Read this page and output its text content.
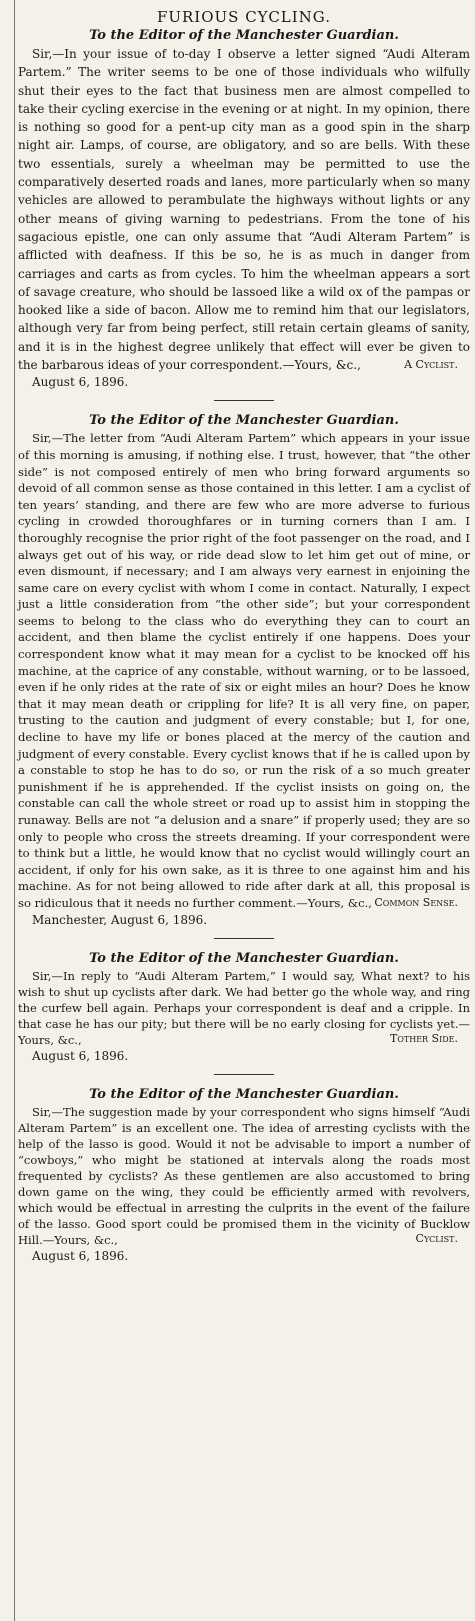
FURIOUS CYCLING.
To the Editor of the Manchester Guardian.

Sir,—In your issue of to-day I observe a letter signed “Audi Alteram Partem.” The writer seems to be one of those individuals who wilfully shut their eyes to the fact that business men are almost compelled to take their cycling exercise in the evening or at night. In my opinion, there is nothing so good for a pent-up city man as a good spin in the sharp night air. Lamps, of course, are obligatory, and so are bells. With these two essentials, surely a wheelman may be permitted to use the comparatively deserted roads and lanes, more particularly when so many vehicles are allowed to perambulate the highways without lights or any other means of giving warning to pedestrians. From the tone of his sagacious epistle, one can only assume that “Audi Alteram Partem” is afflicted with deafness. If this be so, he is as much in danger from carriages and carts as from cycles. To him the wheelman appears a sort of savage creature, who should be lassoed like a wild ox of the pampas or hooked like a side of bacon. Allow me to remind him that our legislators, although very far from being perfect, still retain certain gleams of sanity, and it is in the highest degree unlikely that effect will ever be given to the barbarous ideas of your correspondent.—Yours, &c.,	A Cyclist.
August 6, 1896.
To the Editor of the Manchester Guardian.

Sir,—The letter from “Audi Alteram Partem” which appears in your issue of this morning is amusing, if nothing else. I trust, however, that “the other side” is not composed entirely of men who bring forward arguments so devoid of all common sense as those contained in this letter. I am a cyclist of ten years’ standing, and there are few who are more adverse to furious cycling in crowded thoroughfares or in turning corners than I am. I thoroughly recognise the prior right of the foot passenger on the road, and I always get out of his way, or ride dead slow to let him get out of mine, or even dismount, if necessary; and I am always very earnest in enjoining the same care on every cyclist with whom I come in contact. Naturally, I expect just a little consideration from “the other side”; but your correspondent seems to belong to the class who do everything they can to court an accident, and then blame the cyclist entirely if one happens. Does your correspondent know what it may mean for a cyclist to be knocked off his machine, at the caprice of any constable, without warning, or to be lassoed, even if he only rides at the rate of six or eight miles an hour? Does he know that it may mean death or crippling for life? It is all very fine, on paper, trusting to the caution and judgment of every constable; but I, for one, decline to have my life or bones placed at the mercy of the caution and judgment of every constable. Every cyclist knows that if he is called upon by a constable to stop he has to do so, or run the risk of a so much greater punishment if he is apprehended. If the cyclist insists on going on, the constable can call the whole street or road up to assist him in stopping the runaway. Bells are not “a delusion and a snare” if properly used; they are so only to people who cross the streets dreaming. If your correspondent were to think but a little, he would know that no cyclist would willingly court an accident, if only for his own sake, as it is three to one against him and his machine. As for not being allowed to ride after dark at all, this proposal is so ridiculous that it needs no further comment.—Yours, &c., Common Sense.
Manchester, August 6, 1896.
To the Editor of the Manchester Guardian.

Sir,—In reply to “Audi Alteram Partem,” I would say, What next? to his wish to shut up cyclists after dark. We had better go the whole way, and ring the curfew bell again. Perhaps your correspondent is deaf and a cripple. In that case he has our pity; but there will be no early closing for cyclists yet.—Yours, &c.,	Tother Side.
August 6, 1896.
To the Editor of the Manchester Guardian.

Sir,—The suggestion made by your correspondent who signs himself “Audi Alteram Partem” is an excellent one. The idea of arresting cyclists with the help of the lasso is good. Would it not be advisable to import a number of “cowboys,” who might be stationed at intervals along the roads most frequented by cyclists? As these gentlemen are also accustomed to bring down game on the wing, they could be efficiently armed with revolvers, which would be effectual in arresting the culprits in the event of the failure of the lasso. Good sport could be promised them in the vicinity of Bucklow Hill.—Yours, &c.,	Cyclist.
August 6, 1896.
